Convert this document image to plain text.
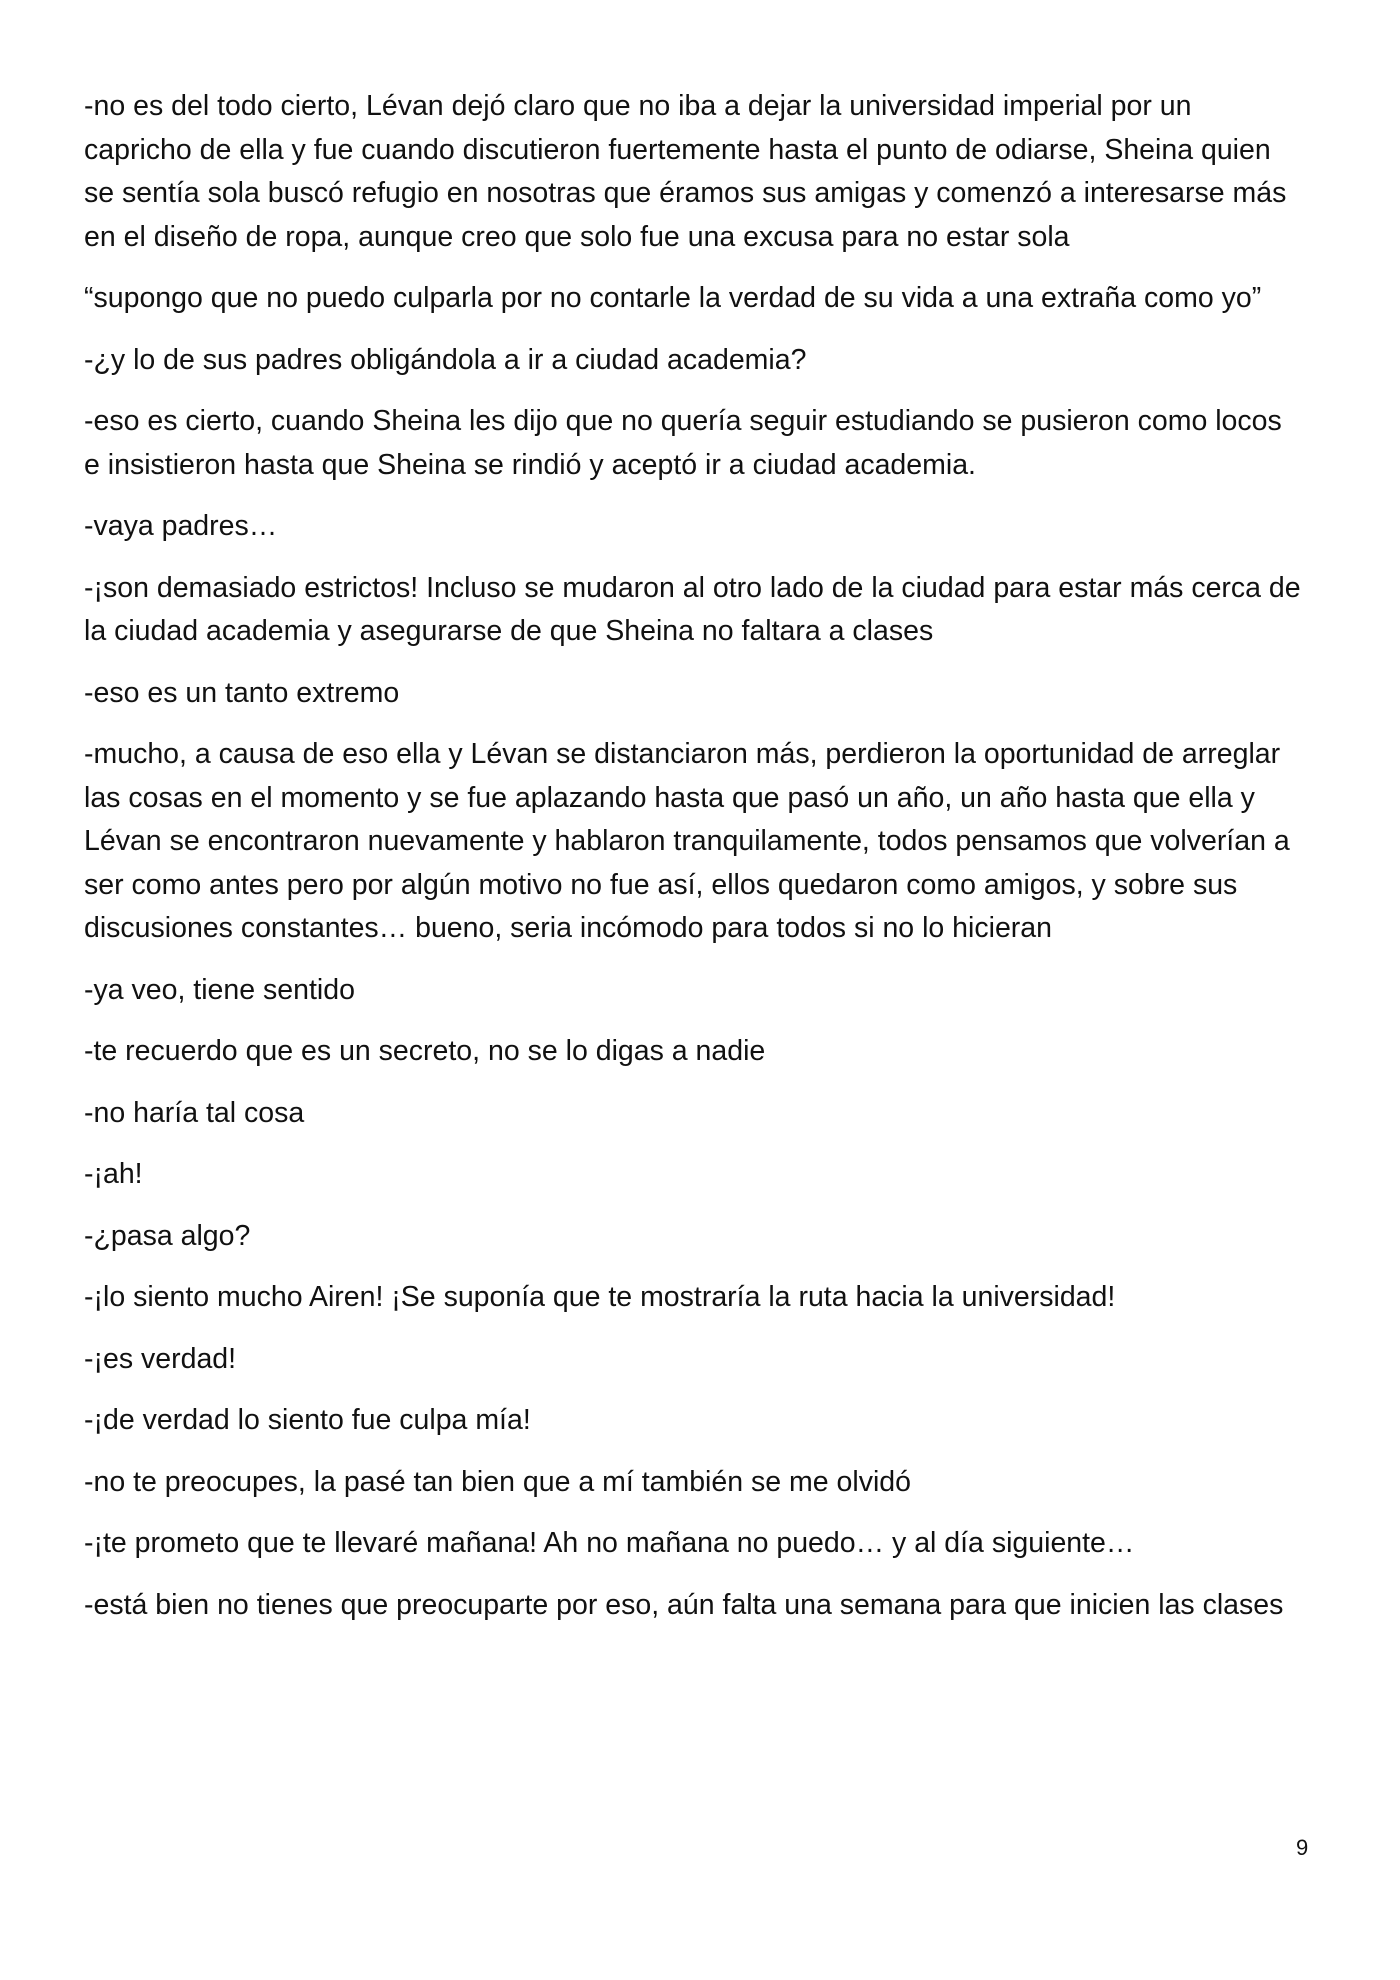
-no es del todo cierto, Lévan dejó claro que no iba a dejar la universidad imperial por un capricho de ella y fue cuando discutieron fuertemente hasta el punto de odiarse, Sheina quien se sentía sola buscó refugio en nosotras que éramos sus amigas y comenzó a interesarse más en el diseño de ropa, aunque creo que solo fue una excusa para no estar sola

“supongo que no puedo culparla por no contarle la verdad de su vida a una extraña como yo”

-¿y lo de sus padres obligándola a ir a ciudad academia?

-eso es cierto, cuando Sheina les dijo que no quería seguir estudiando se pusieron como locos e insistieron hasta que Sheina se rindió y aceptó ir a ciudad academia.

-vaya padres…

-¡son demasiado estrictos! Incluso se mudaron al otro lado de la ciudad para estar más cerca de la ciudad academia y asegurarse de que Sheina no faltara a clases

-eso es un tanto extremo

-mucho, a causa de eso ella y Lévan se distanciaron más, perdieron la oportunidad de arreglar las cosas en el momento y se fue aplazando hasta que pasó un año, un año hasta que ella y Lévan se encontraron nuevamente y hablaron tranquilamente, todos pensamos que volverían a ser como antes pero por algún motivo no fue así, ellos quedaron como amigos, y sobre sus discusiones constantes… bueno, seria incómodo para todos si no lo hicieran

-ya veo, tiene sentido

-te recuerdo que es un secreto, no se lo digas a nadie

-no haría tal cosa

-¡ah!

-¿pasa algo?

-¡lo siento mucho Airen! ¡Se suponía que te mostraría la ruta hacia la universidad!

-¡es verdad!

-¡de verdad lo siento fue culpa mía!

-no te preocupes, la pasé tan bien que a mí también se me olvidó

-¡te prometo que te llevaré mañana! Ah no mañana no puedo… y al día siguiente…

-está bien no tienes que preocuparte por eso, aún falta una semana para que inicien las clases

9
